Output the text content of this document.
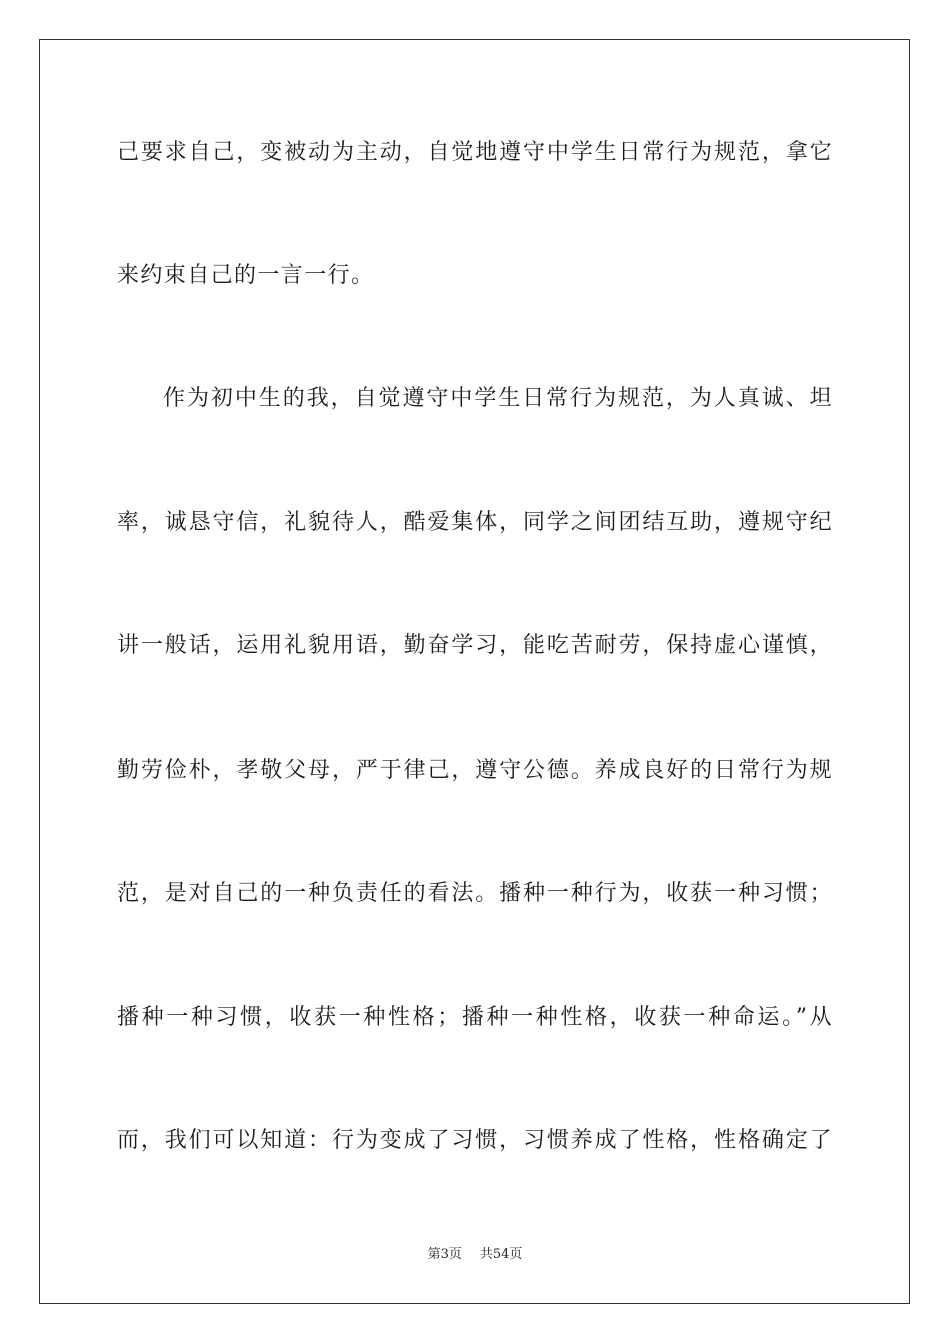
己要求自己，变被动为主动，自觉地遵守中学生日常行为规范，拿它
来约束自己的一言一行。
作为初中生的我，自觉遵守中学生日常行为规范，为人真诚、坦
率，诚恳守信，礼貌待人，酷爱集体，同学之间团结互助，遵规守纪
讲一般话，运用礼貌用语，勤奋学习，能吃苦耐劳，保持虚心谨慎，
勤劳俭朴，孝敬父母，严于律己，遵守公德。养成良好的日常行为规
范，是对自己的一种负责任的看法。播种一种行为，收获一种习惯；
播种一种习惯，收获一种性格；播种一种性格，收获一种命运。”从
而，我们可以知道：行为变成了习惯，习惯养成了性格，性格确定了
第3页 共54页
